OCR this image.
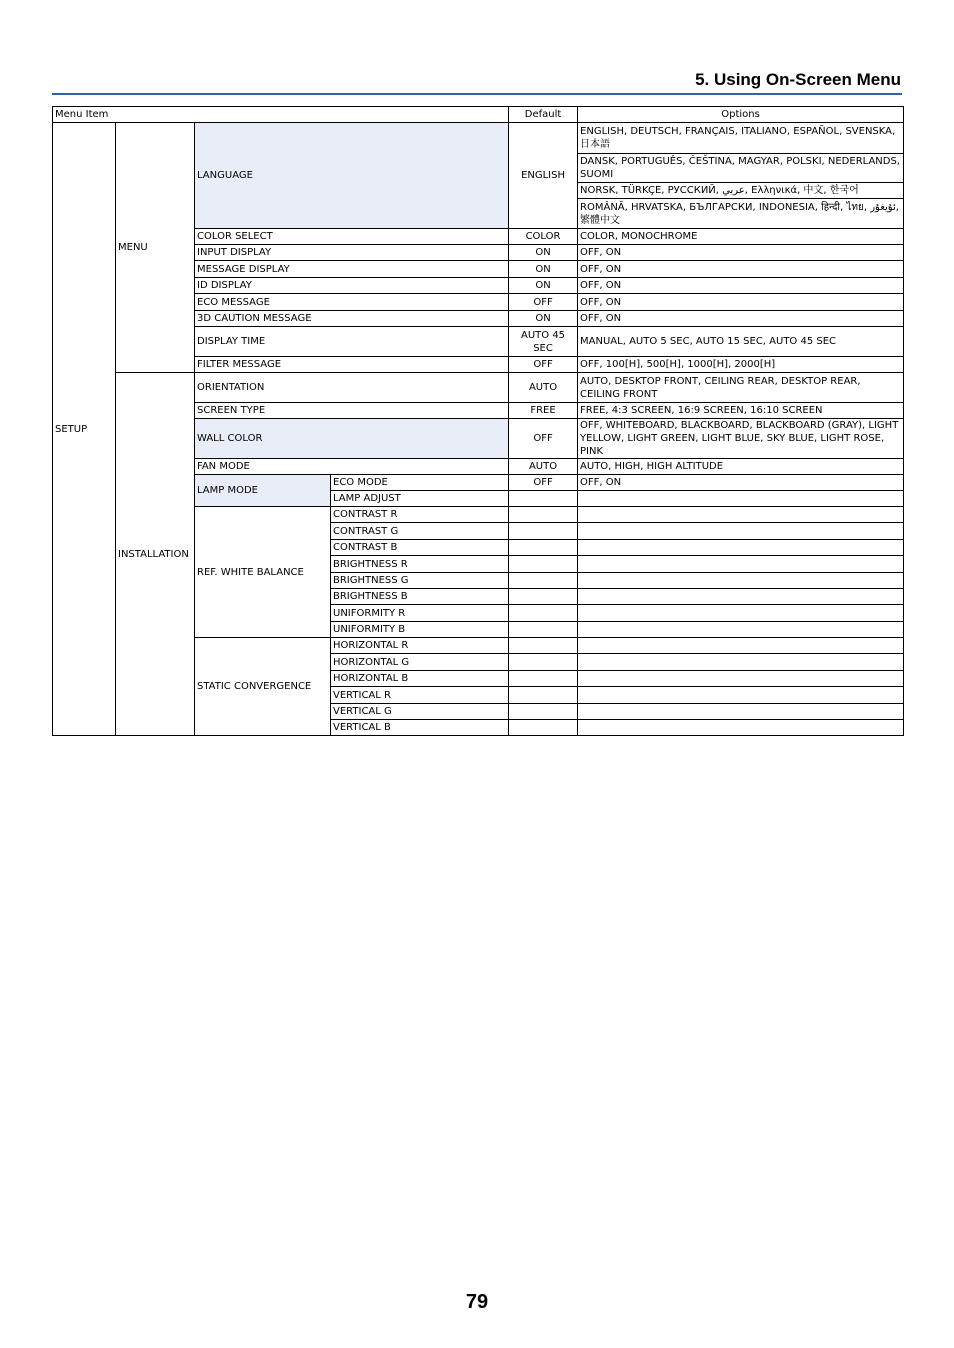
5. Using On-Screen Menu
Menu Item				Default	Options
SETUP	MENU	LANGUAGE		ENGLISH	ENGLISH, DEUTSCH, FRANÇAIS, ITALIANO, ESPAÑOL, SVENSKA, 日本語
					DANSK, PORTUGUÊS, ČEŠTINA, MAGYAR, POLSKI, NEDERLANDS, SUOMI
					NORSK, TÜRKÇE, РУССКИЙ, عربي, Ελληνικά, 中文, 한국어
					ROMÂNĂ, HRVATSKA, БЪЛГАРСКИ, INDONESIA, हिन्दी, ไทย, ئۇيغۇر, 繁體中文
		COLOR SELECT		COLOR	COLOR, MONOCHROME
		INPUT DISPLAY		ON	OFF, ON
		MESSAGE DISPLAY		ON	OFF, ON
		ID DISPLAY		ON	OFF, ON
		ECO MESSAGE		OFF	OFF, ON
		3D CAUTION MESSAGE		ON	OFF, ON
		DISPLAY TIME		AUTO 45 SEC	MANUAL, AUTO 5 SEC, AUTO 15 SEC, AUTO 45 SEC
		FILTER MESSAGE		OFF	OFF, 100[H], 500[H], 1000[H], 2000[H]
	INSTALLATION	ORIENTATION		AUTO	AUTO, DESKTOP FRONT, CEILING REAR, DESKTOP REAR, CEILING FRONT
		SCREEN TYPE		FREE	FREE, 4:3 SCREEN, 16:9 SCREEN, 16:10 SCREEN
		WALL COLOR		OFF	OFF, WHITEBOARD, BLACKBOARD, BLACKBOARD (GRAY), LIGHT YELLOW, LIGHT GREEN, LIGHT BLUE, SKY BLUE, LIGHT ROSE, PINK
		FAN MODE		AUTO	AUTO, HIGH, HIGH ALTITUDE
		LAMP MODE	ECO MODE	OFF	OFF, ON
			LAMP ADJUST		
		REF. WHITE BALANCE	CONTRAST R		
			CONTRAST G		
			CONTRAST B		
			BRIGHTNESS R		
			BRIGHTNESS G		
			BRIGHTNESS B		
			UNIFORMITY R		
			UNIFORMITY B		
		STATIC CONVERGENCE	HORIZONTAL R		
			HORIZONTAL G		
			HORIZONTAL B		
			VERTICAL R		
			VERTICAL G		
			VERTICAL B		
79
